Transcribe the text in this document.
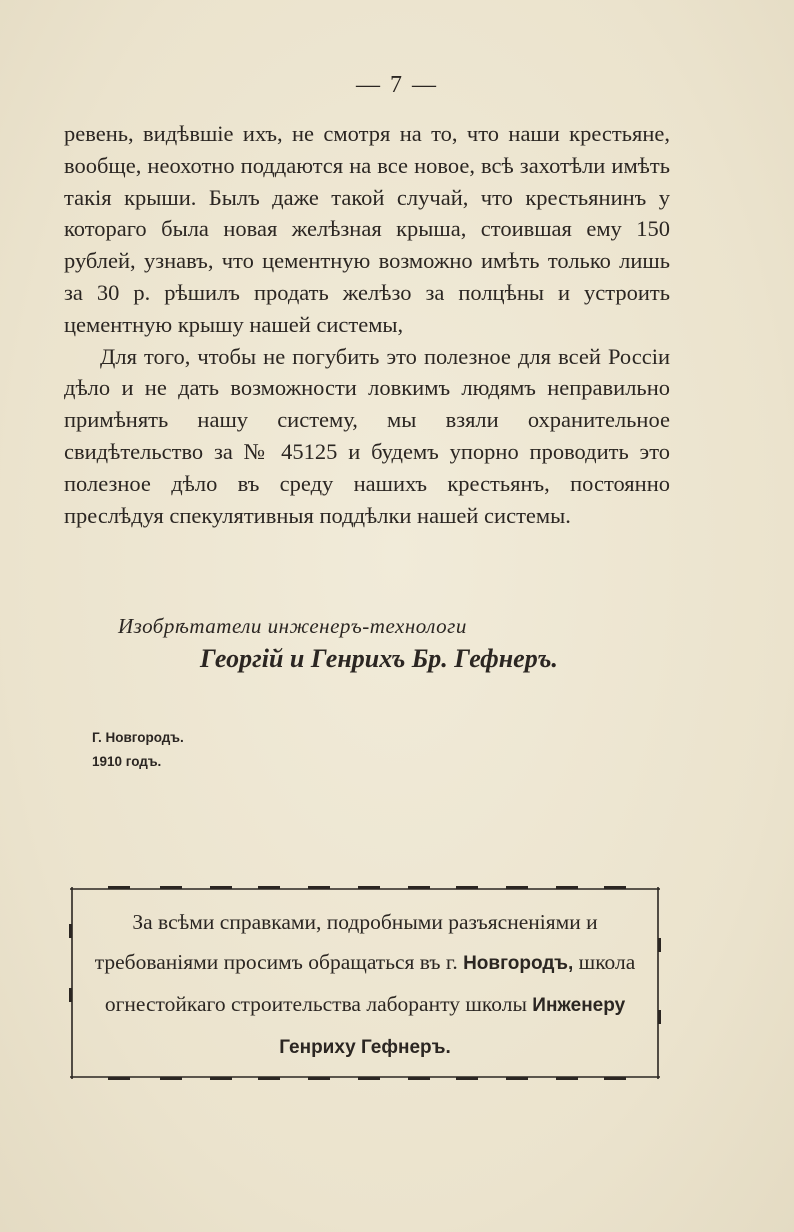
— 7 —

ревень, видѣвшіе ихъ, не смотря на то, что наши крестьяне, вообще, неохотно поддаются на все новое, всѣ захотѣли имѣть такія крыши. Былъ даже такой случай, что крестьянинъ у котораго была новая желѣзная крыша, стоившая ему 150 рублей, узнавъ, что цементную возможно имѣть только лишь за 30 р. рѣшилъ продать желѣзо за полцѣны и устроить цементную крышу нашей системы,

Для того, чтобы не погубить это полезное для всей Россіи дѣло и не дать возможности ловкимъ людямъ неправильно примѣнять нашу систему, мы взяли охранительное свидѣтельство за № 45125 и будемъ упорно проводить это полезное дѣло въ среду нашихъ крестьянъ, постоянно преслѣдуя спекулятивныя поддѣлки нашей системы.

Изобрѣтатели инженеръ-технологи
Георгій и Генрихъ Бр. Гефнеръ.
Г. Новгородъ.
1910 годъ.
За всѣми справками, подробными разъясненіями и требованіями просимъ обращаться въ г. Новгородъ, школа огнестойкаго строительства лаборанту школы Инженеру Генриху Гефнеръ.
